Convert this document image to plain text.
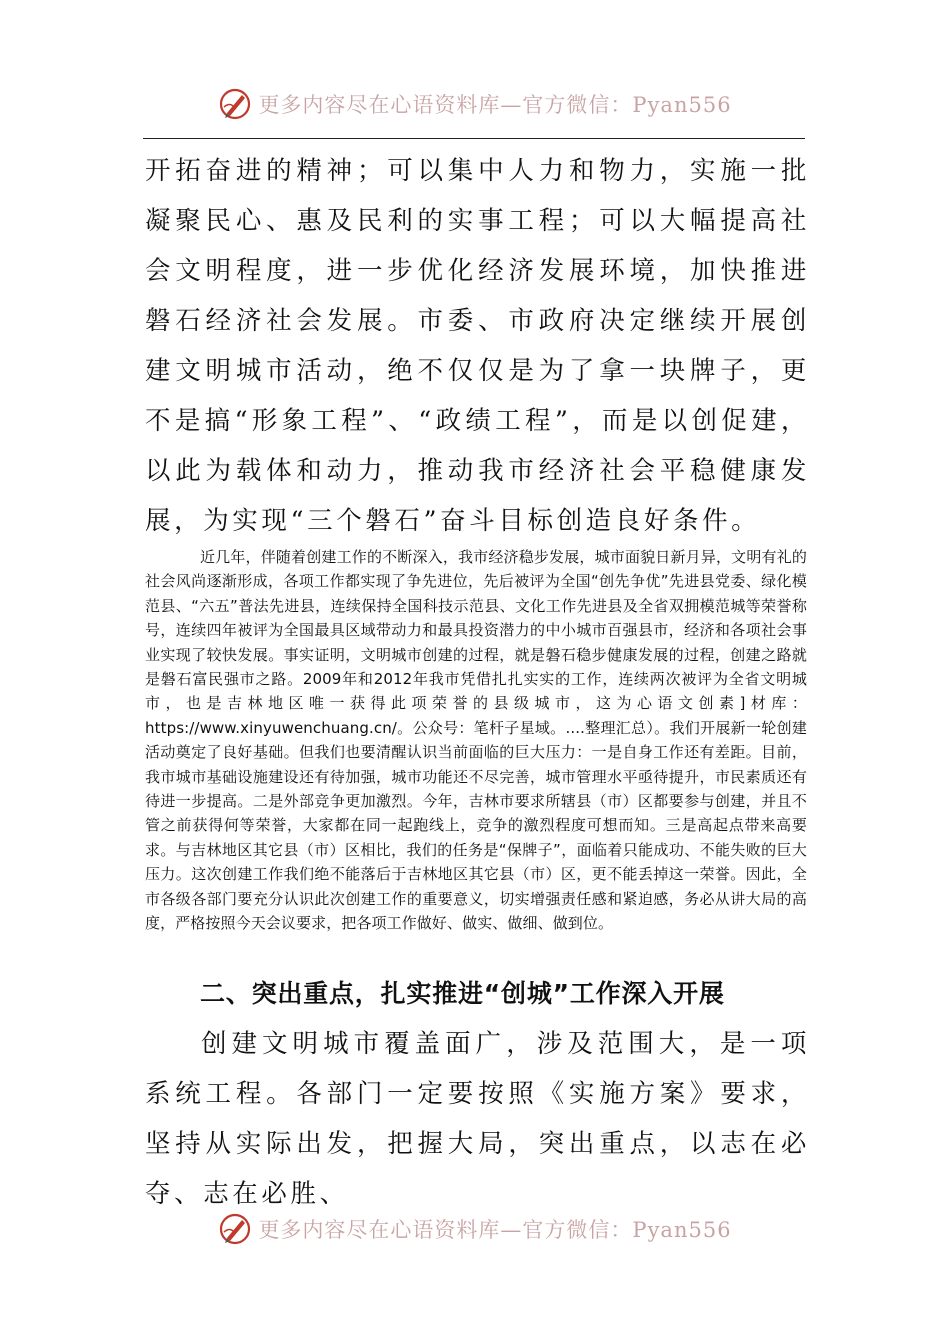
更多内容尽在心语资料库—官方微信：Pyan556

开拓奋进的精神；可以集中人力和物力，实施一批凝聚民心、惠及民利的实事工程；可以大幅提高社会文明程度，进一步优化经济发展环境，加快推进磐石经济社会发展。市委、市政府决定继续开展创建文明城市活动，绝不仅仅是为了拿一块牌子，更不是搞“形象工程”、“政绩工程”，而是以创促建，以此为载体和动力，推动我市经济社会平稳健康发展，为实现“三个磐石”奋斗目标创造良好条件。

近几年，伴随着创建工作的不断深入，我市经济稳步发展，城市面貌日新月异，文明有礼的社会风尚逐渐形成，各项工作都实现了争先进位，先后被评为全国“创先争优”先进县党委、绿化模范县、“六五”普法先进县，连续保持全国科技示范县、文化工作先进县及全省双拥模范城等荣誉称号，连续四年被评为全国最具区域带动力和最具投资潜力的中小城市百强县市，经济和各项社会事业实现了较快发展。事实证明，文明城市创建的过程，就是磐石稳步健康发展的过程，创建之路就是磐石富民强市之路。2009年和2012年我市凭借扎扎实实的工作，连续两次被评为全省文明城市，也是吉林地区唯一获得此项荣誉的县级城市，这为心语文创素]材库：https://www.xinyuwenchuang.cn/。公众号：笔杆子星域。....整理汇总）。我们开展新一轮创建活动奠定了良好基础。但我们也要清醒认识当前面临的巨大压力：一是自身工作还有差距。目前，我市城市基础设施建设还有待加强，城市功能还不尽完善，城市管理水平亟待提升，市民素质还有待进一步提高。二是外部竞争更加激烈。今年，吉林市要求所辖县（市）区都要参与创建，并且不管之前获得何等荣誉，大家都在同一起跑线上，竞争的激烈程度可想而知。三是高起点带来高要求。与吉林地区其它县（市）区相比，我们的任务是“保牌子”，面临着只能成功、不能失败的巨大压力。这次创建工作我们绝不能落后于吉林地区其它县（市）区，更不能丢掉这一荣誉。因此，全市各级各部门要充分认识此次创建工作的重要意义，切实增强责任感和紧迫感，务必从讲大局的高度，严格按照今天会议要求，把各项工作做好、做实、做细、做到位。

二、突出重点，扎实推进“创城”工作深入开展

创建文明城市覆盖面广，涉及范围大，是一项系统工程。各部门一定要按照《实施方案》要求，坚持从实际出发，把握大局，突出重点，以志在必夺、志在必胜、

更多内容尽在心语资料库—官方微信：Pyan556
